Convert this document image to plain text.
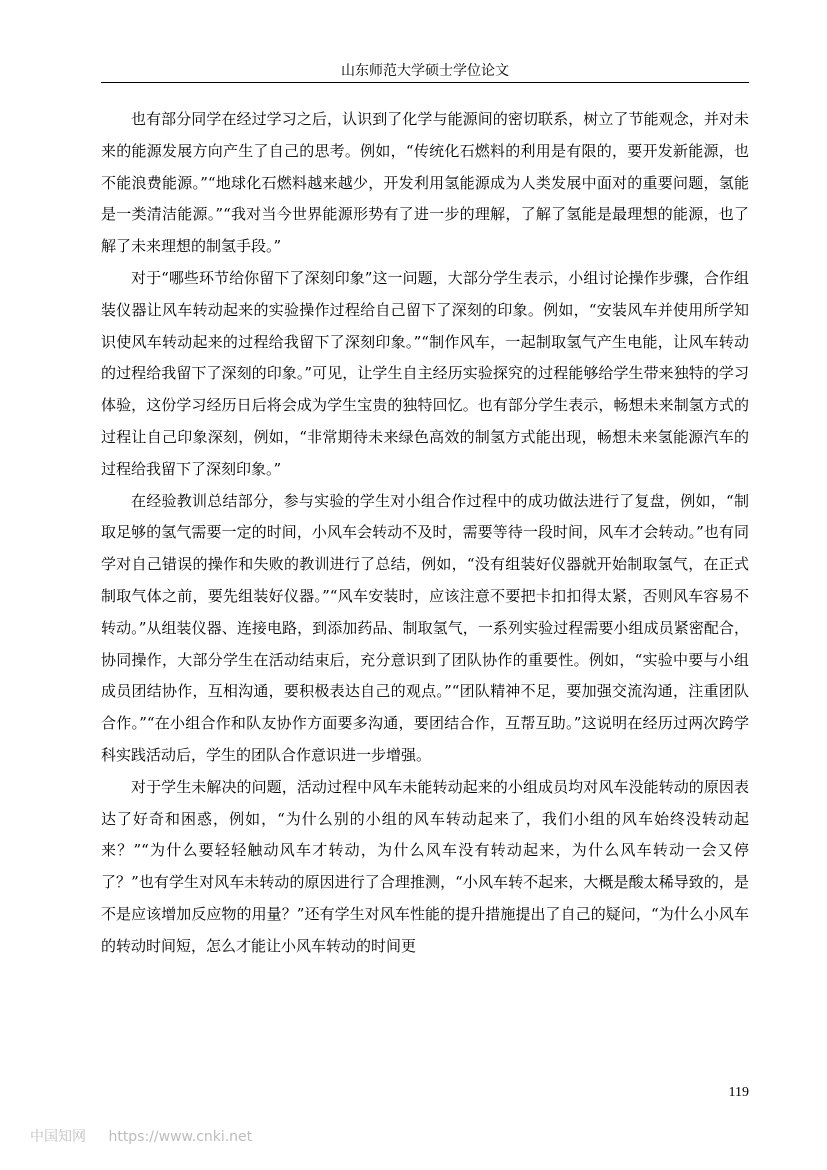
山东师范大学硕士学位论文

也有部分同学在经过学习之后，认识到了化学与能源间的密切联系，树立了节能观念，并对未来的能源发展方向产生了自己的思考。例如，“传统化石燃料的利用是有限的，要开发新能源，也不能浪费能源。”“地球化石燃料越来越少，开发利用氢能源成为人类发展中面对的重要问题，氢能是一类清洁能源。”“我对当今世界能源形势有了进一步的理解，了解了氢能是最理想的能源，也了解了未来理想的制氢手段。”

对于“哪些环节给你留下了深刻印象”这一问题，大部分学生表示，小组讨论操作步骤，合作组装仪器让风车转动起来的实验操作过程给自己留下了深刻的印象。例如，“安装风车并使用所学知识使风车转动起来的过程给我留下了深刻印象。”“制作风车，一起制取氢气产生电能，让风车转动的过程给我留下了深刻的印象。”可见，让学生自主经历实验探究的过程能够给学生带来独特的学习体验，这份学习经历日后将会成为学生宝贵的独特回忆。也有部分学生表示，畅想未来制氢方式的过程让自己印象深刻，例如，“非常期待未来绿色高效的制氢方式能出现，畅想未来氢能源汽车的过程给我留下了深刻印象。”

在经验教训总结部分，参与实验的学生对小组合作过程中的成功做法进行了复盘，例如，“制取足够的氢气需要一定的时间，小风车会转动不及时，需要等待一段时间，风车才会转动。”也有同学对自己错误的操作和失败的教训进行了总结，例如，“没有组装好仪器就开始制取氢气，在正式制取气体之前，要先组装好仪器。”“风车安装时，应该注意不要把卡扣扣得太紧，否则风车容易不转动。”从组装仪器、连接电路，到添加药品、制取氢气，一系列实验过程需要小组成员紧密配合，协同操作，大部分学生在活动结束后，充分意识到了团队协作的重要性。例如，“实验中要与小组成员团结协作，互相沟通，要积极表达自己的观点。”“团队精神不足，要加强交流沟通，注重团队合作。”“在小组合作和队友协作方面要多沟通，要团结合作，互帮互助。”这说明在经历过两次跨学科实践活动后，学生的团队合作意识进一步增强。

对于学生未解决的问题，活动过程中风车未能转动起来的小组成员均对风车没能转动的原因表达了好奇和困惑，例如，“为什么别的小组的风车转动起来了，我们小组的风车始终没转动起来？”“为什么要轻轻触动风车才转动，为什么风车没有转动起来，为什么风车转动一会又停了？”也有学生对风车未转动的原因进行了合理推测，“小风车转不起来，大概是酸太稀导致的，是不是应该增加反应物的用量？”还有学生对风车性能的提升措施提出了自己的疑问，“为什么小风车的转动时间短，怎么才能让小风车转动的时间更

119
中国知网 https://www.cnki.net
